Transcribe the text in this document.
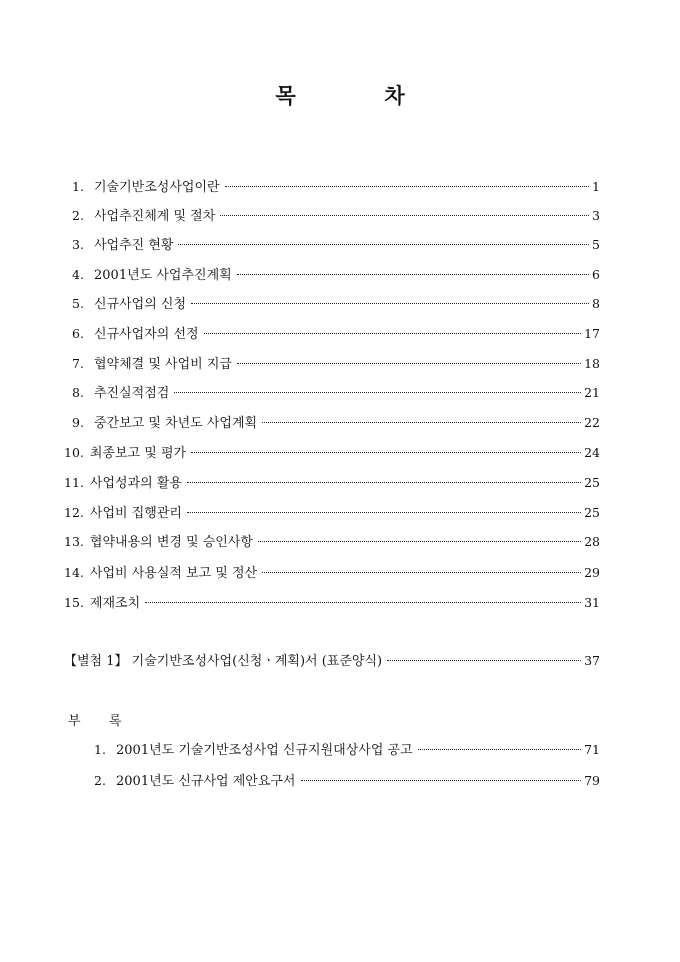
목	차
1. 기술기반조성사업이란	1
2. 사업추진체계 및 절차	3
3. 사업추진 현황	5
4. 2001년도 사업추진계획	6
5. 신규사업의 신청	8
6. 신규사업자의 선정	17
7. 협약체결 및 사업비 지급	18
8. 추진실적점검	21
9. 중간보고 및 차년도 사업계획	22
10. 최종보고 및 평가	24
11. 사업성과의 활용	25
12. 사업비 집행관리	25
13. 협약내용의 변경 및 승인사항	28
14. 사업비 사용실적 보고 및 정산	29
15. 제재조치	31
【별첨 1】 기술기반조성사업(신청ㆍ계획)서 (표준양식)	37
부 록
1. 2001년도 기술기반조성사업 신규지원대상사업 공고	71
2. 2001년도 신규사업 제안요구서	79
